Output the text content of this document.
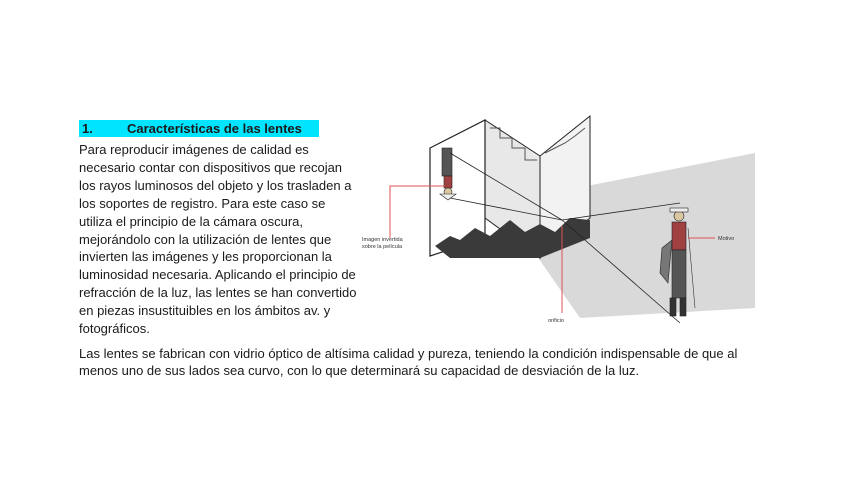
1.	Características de las lentes

Para reproducir imágenes de calidad es necesario contar con dispositivos que recojan los rayos luminosos del objeto y los trasladen a los soportes de registro. Para este caso se utiliza el principio de la cámara oscura, mejorándolo con la utilización de lentes que invierten las imágenes y les proporcionan la luminosidad necesaria. Aplicando el principio de refracción de la luz, las lentes se han convertido en piezas insustituibles en los ámbitos av. y fotográficos.

Imagen invertida
sobre la película
orificio
Motivo

Las lentes se fabrican con vidrio óptico de altísima calidad y pureza, teniendo la condición indispensable de que al menos uno de sus lados sea curvo, con lo que determinará su capacidad de desviación de la luz.
